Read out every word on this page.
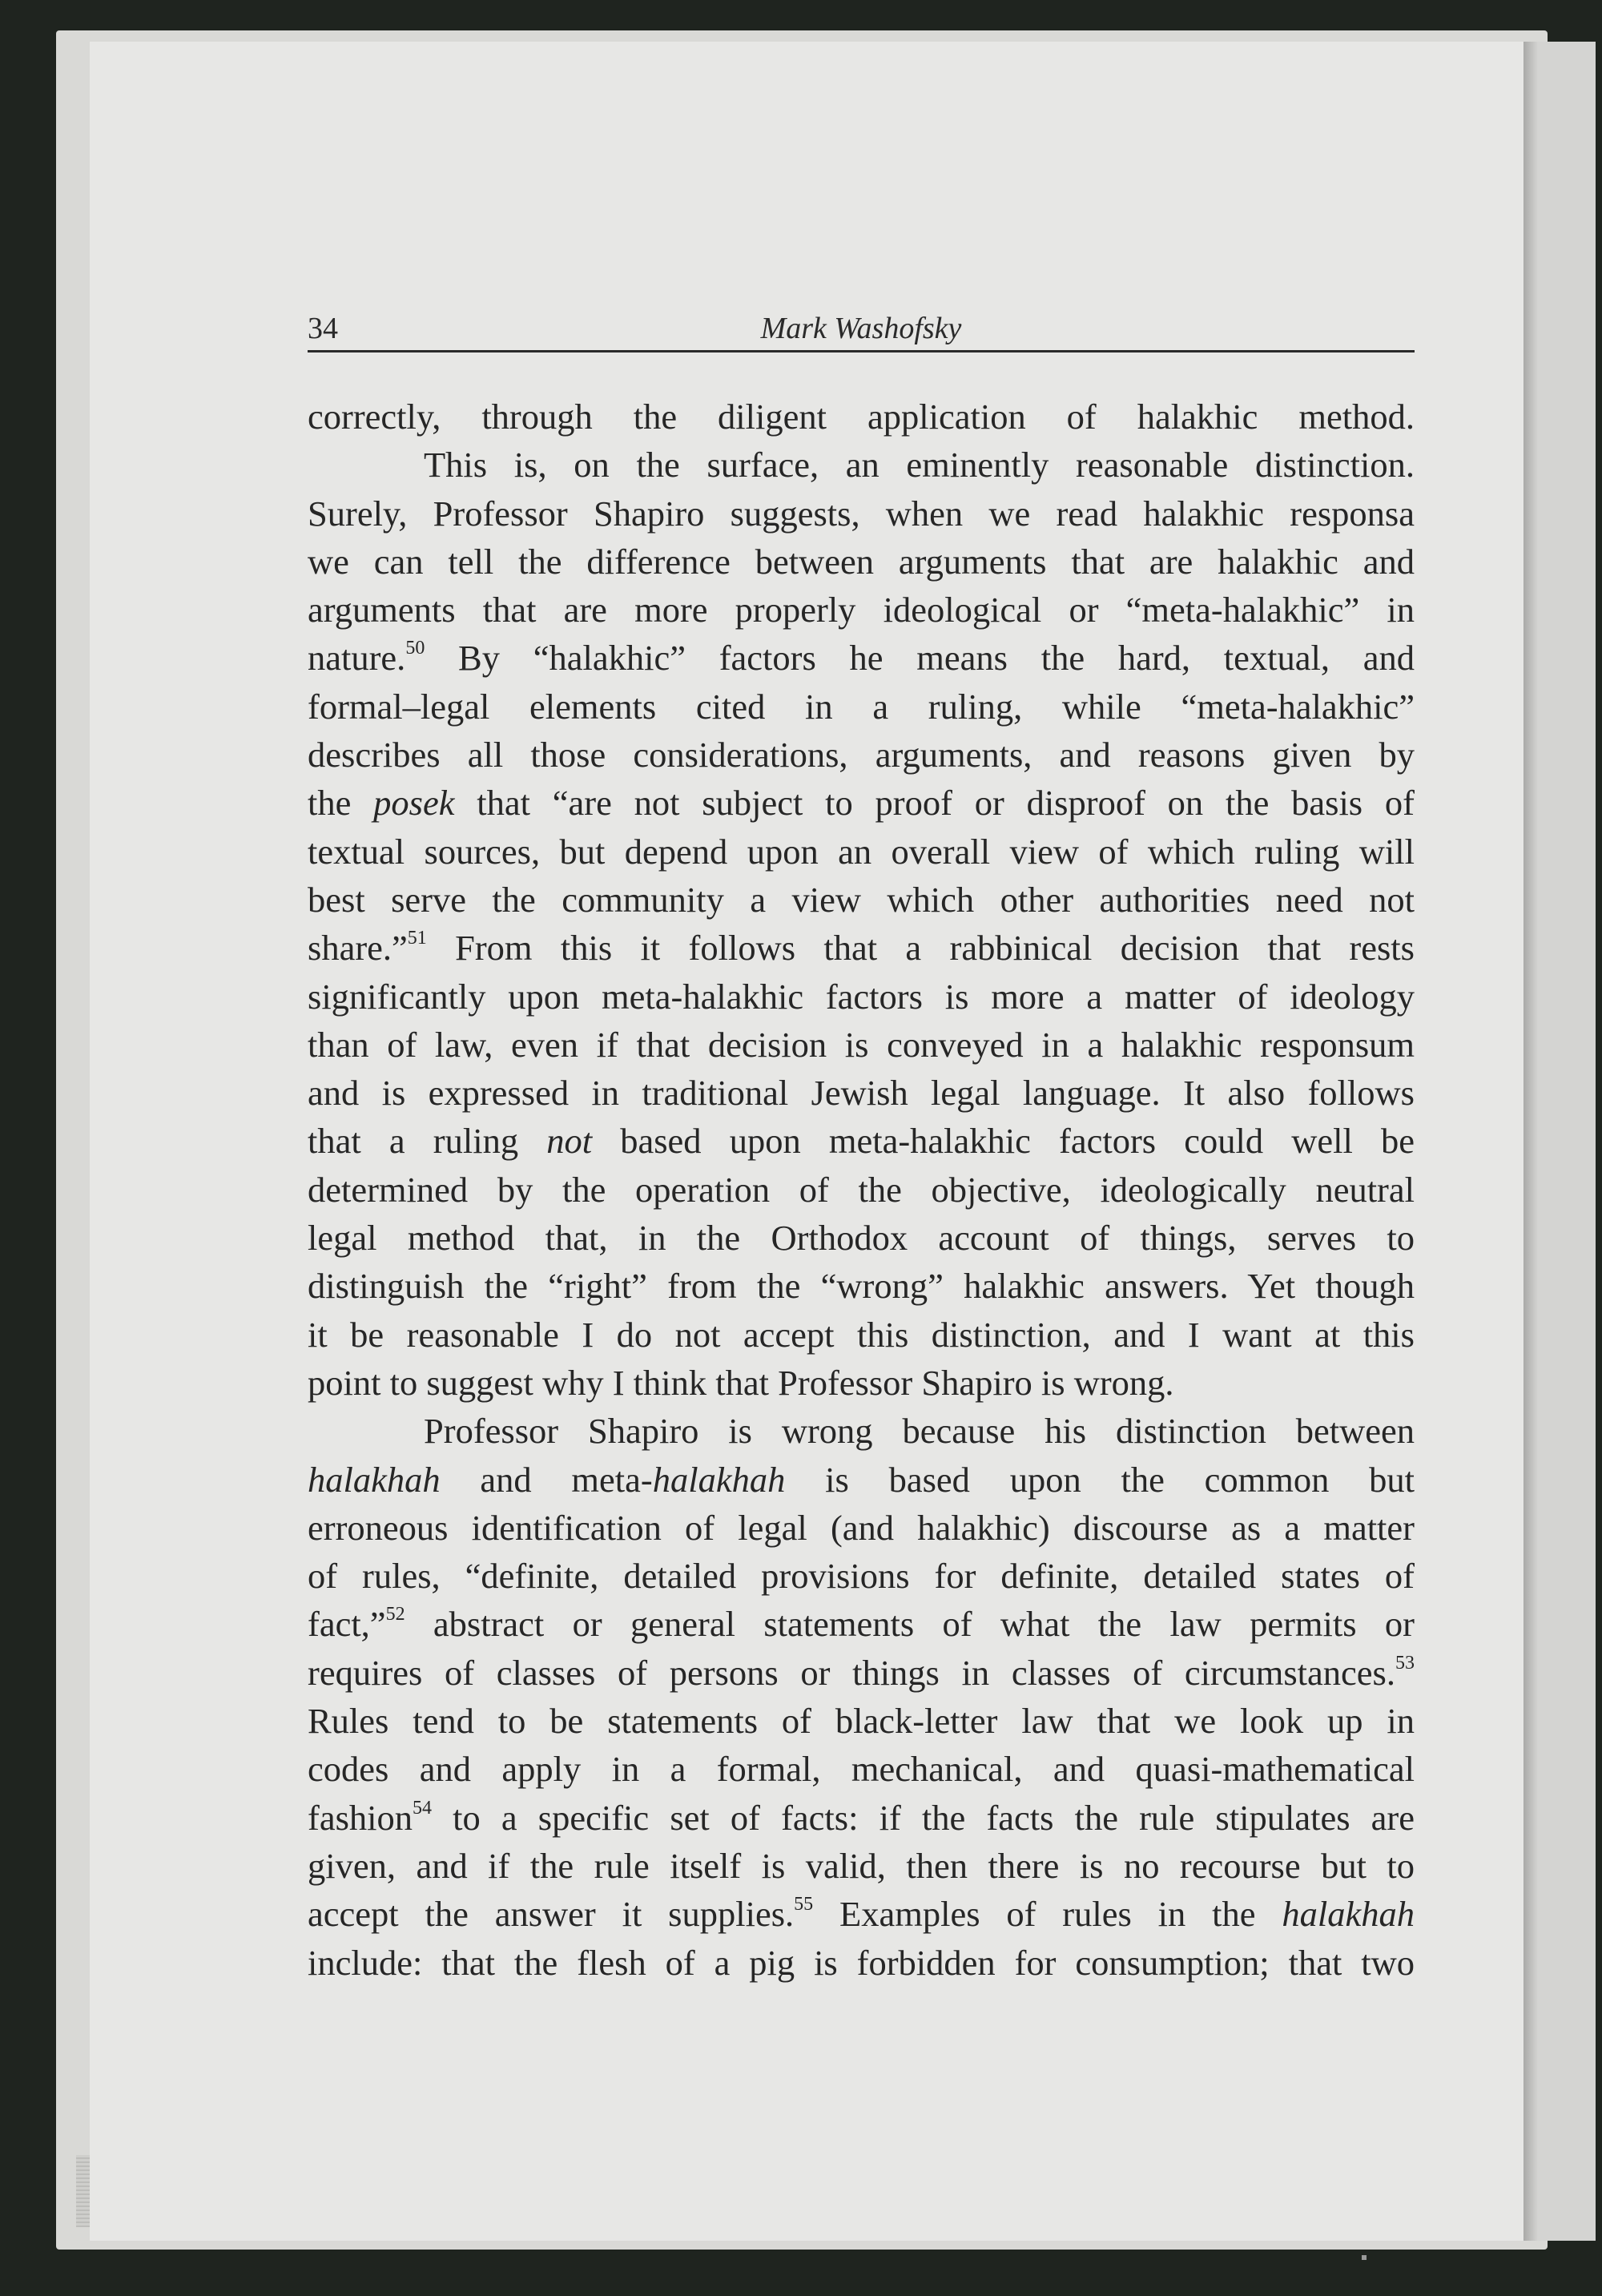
34	Mark Washofsky
correctly, through the diligent application of halakhic method.
This is, on the surface, an eminently reasonable distinction.
Surely, Professor Shapiro suggests, when we read halakhic responsa
we can tell the difference between arguments that are halakhic and
arguments that are more properly ideological or “meta-halakhic” in
nature.$^{50}$ By “halakhic” factors he means the hard, textual, and
formal–legal elements cited in a ruling, while “meta-halakhic”
describes all those considerations, arguments, and reasons given by
the posek that “are not subject to proof or disproof on the basis of
textual sources, but depend upon an overall view of which ruling will
best serve the community a view which other authorities need not
share.”$^{51}$ From this it follows that a rabbinical decision that rests
significantly upon meta-halakhic factors is more a matter of ideology
than of law, even if that decision is conveyed in a halakhic responsum
and is expressed in traditional Jewish legal language. It also follows
that a ruling not based upon meta-halakhic factors could well be
determined by the operation of the objective, ideologically neutral
legal method that, in the Orthodox account of things, serves to
distinguish the “right” from the “wrong” halakhic answers. Yet though
it be reasonable I do not accept this distinction, and I want at this
point to suggest why I think that Professor Shapiro is wrong.
Professor Shapiro is wrong because his distinction between
halakhah and meta-halakhah is based upon the common but
erroneous identification of legal (and halakhic) discourse as a matter
of rules, “definite, detailed provisions for definite, detailed states of
fact,”$^{52}$ abstract or general statements of what the law permits or
requires of classes of persons or things in classes of circumstances.$^{53}$
Rules tend to be statements of black-letter law that we look up in
codes and apply in a formal, mechanical, and quasi-mathematical
fashion$^{54}$ to a specific set of facts: if the facts the rule stipulates are
given, and if the rule itself is valid, then there is no recourse but to
accept the answer it supplies.$^{55}$ Examples of rules in the halakhah
include: that the flesh of a pig is forbidden for consumption; that two
